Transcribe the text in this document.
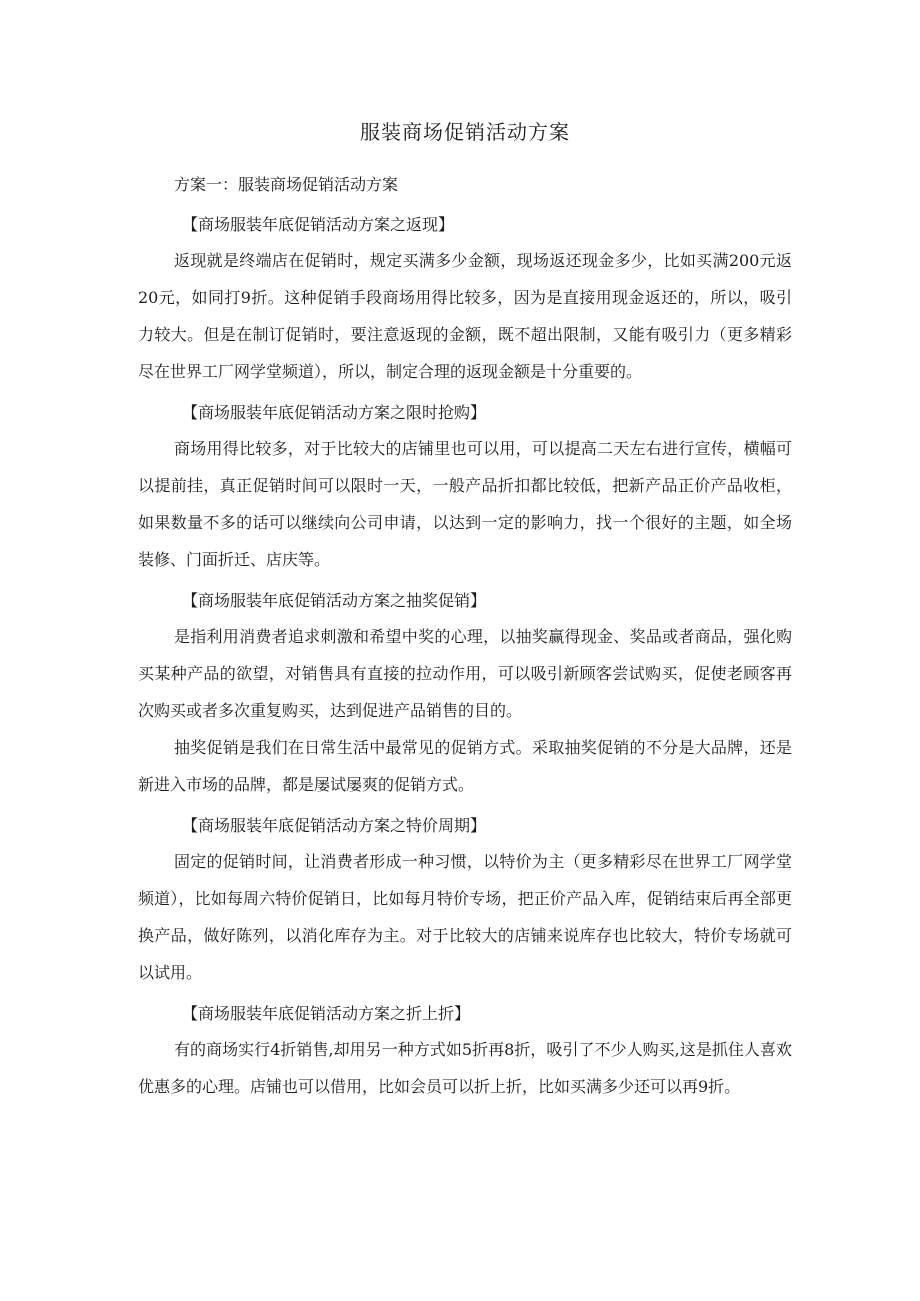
服装商场促销活动方案

方案一：服装商场促销活动方案

【商场服装年底促销活动方案之返现】

返现就是终端店在促销时，规定买满多少金额，现场返还现金多少，比如买满200元返20元，如同打9折。这种促销手段商场用得比较多，因为是直接用现金返还的，所以，吸引力较大。但是在制订促销时，要注意返现的金额，既不超出限制，又能有吸引力（更多精彩尽在世界工厂网学堂频道），所以，制定合理的返现金额是十分重要的。

【商场服装年底促销活动方案之限时抢购】

商场用得比较多，对于比较大的店铺里也可以用，可以提高二天左右进行宣传，横幅可以提前挂，真正促销时间可以限时一天，一般产品折扣都比较低，把新产品正价产品收柜，如果数量不多的话可以继续向公司申请，以达到一定的影响力，找一个很好的主题，如全场装修、门面折迁、店庆等。

【商场服装年底促销活动方案之抽奖促销】

是指利用消费者追求刺激和希望中奖的心理，以抽奖赢得现金、奖品或者商品，强化购买某种产品的欲望，对销售具有直接的拉动作用，可以吸引新顾客尝试购买，促使老顾客再次购买或者多次重复购买，达到促进产品销售的目的。

抽奖促销是我们在日常生活中最常见的促销方式。采取抽奖促销的不分是大品牌，还是新进入市场的品牌，都是屡试屡爽的促销方式。

【商场服装年底促销活动方案之特价周期】

固定的促销时间，让消费者形成一种习惯，以特价为主（更多精彩尽在世界工厂网学堂频道），比如每周六特价促销日，比如每月特价专场，把正价产品入库，促销结束后再全部更换产品，做好陈列，以消化库存为主。对于比较大的店铺来说库存也比较大，特价专场就可以试用。

【商场服装年底促销活动方案之折上折】

有的商场实行4折销售,却用另一种方式如5折再8折，吸引了不少人购买,这是抓住人喜欢优惠多的心理。店铺也可以借用，比如会员可以折上折，比如买满多少还可以再9折。
